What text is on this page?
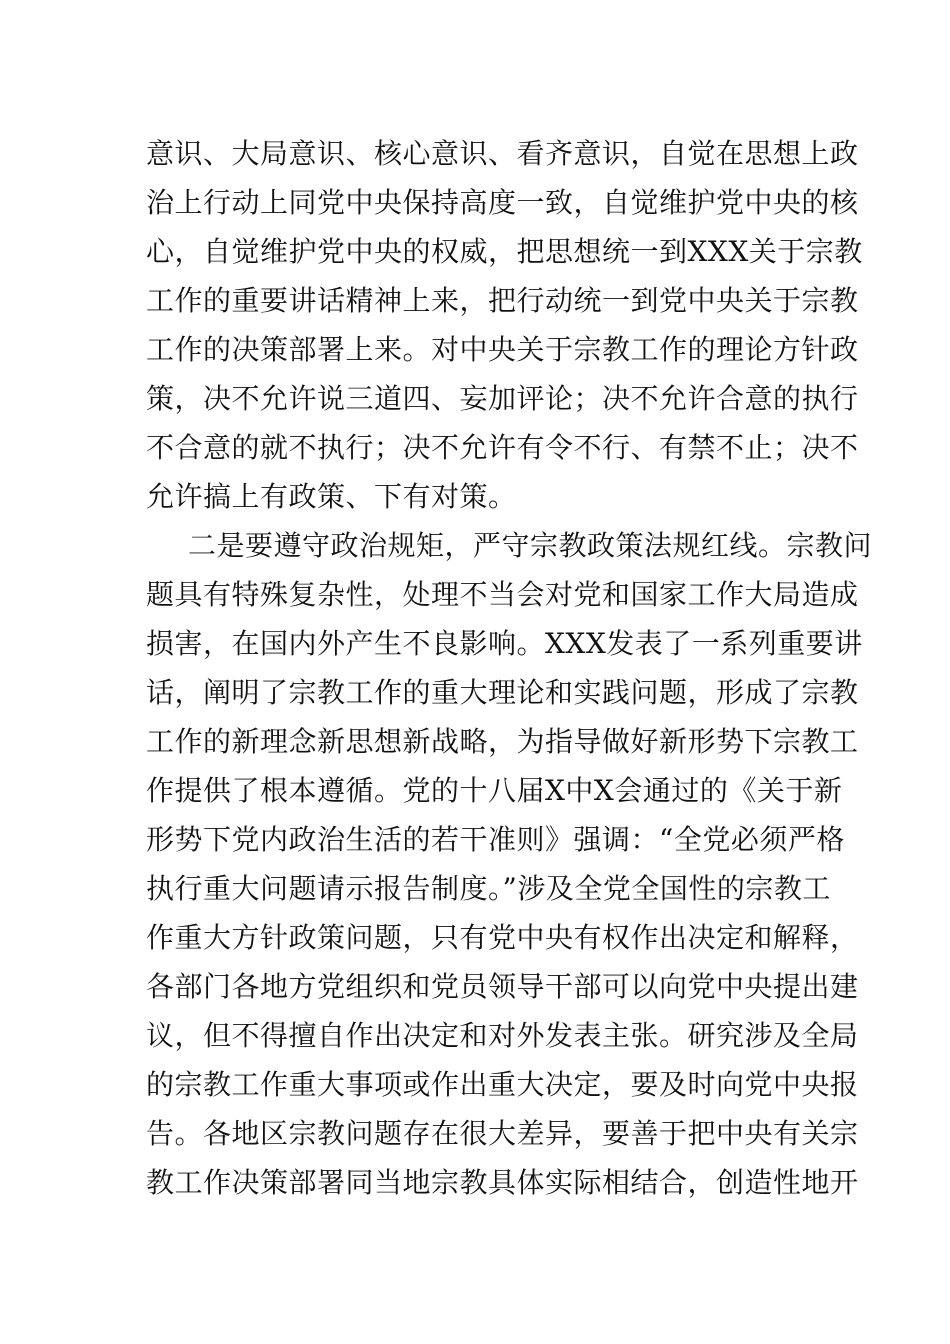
意识、大局意识、核心意识、看齐意识，自觉在思想上政
治上行动上同党中央保持高度一致，自觉维护党中央的核
心，自觉维护党中央的权威，把思想统一到XXX关于宗教
工作的重要讲话精神上来，把行动统一到党中央关于宗教
工作的决策部署上来。对中央关于宗教工作的理论方针政
策，决不允许说三道四、妄加评论；决不允许合意的执行
不合意的就不执行；决不允许有令不行、有禁不止；决不
允许搞上有政策、下有对策。
二是要遵守政治规矩，严守宗教政策法规红线。宗教问
题具有特殊复杂性，处理不当会对党和国家工作大局造成
损害，在国内外产生不良影响。XXX发表了一系列重要讲
话，阐明了宗教工作的重大理论和实践问题，形成了宗教
工作的新理念新思想新战略，为指导做好新形势下宗教工
作提供了根本遵循。党的十八届X中X会通过的《关于新
形势下党内政治生活的若干准则》强调：“全党必须严格
执行重大问题请示报告制度。”涉及全党全国性的宗教工
作重大方针政策问题，只有党中央有权作出决定和解释，
各部门各地方党组织和党员领导干部可以向党中央提出建
议，但不得擅自作出决定和对外发表主张。研究涉及全局
的宗教工作重大事项或作出重大决定，要及时向党中央报
告。各地区宗教问题存在很大差异，要善于把中央有关宗
教工作决策部署同当地宗教具体实际相结合，创造性地开
